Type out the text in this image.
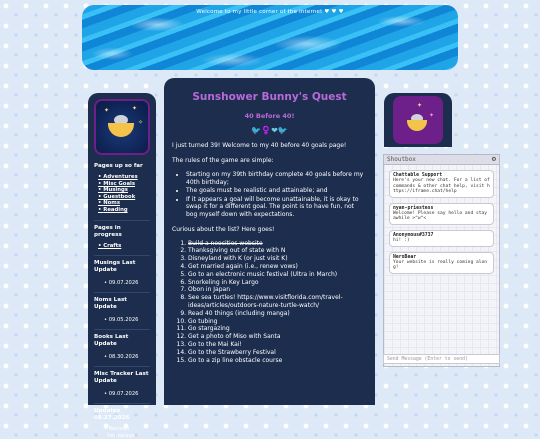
Welcome to my little corner of the internet ♥ ♥ ♥
✦	✦
✧
Pages up so far
• Adventures
• Misc Goals
• Musings
• Guestbook
• Noms
• Reading
Pages in progress
• Crafts
Musings Last Update
• 09.07.2026
Noms Last Update
• 09.05.2026
Books Last Update
• 08.30.2026
Misc Tracker Last Update
• 09.07.2026
Updates 08.27.2026
• Revised
homepage
Sunshower Bunny's Quest
40 Before 40!
🐦‍♀❤🐦

I just turned 39! Welcome to my 40 before 40 goals page!

The rules of the game are simple:

• Starting on my 39th birthday complete 40 goals before my 40th birthday;
• The goals must be realistic and attainable; and
• If it appears a goal will become unattainable, it is okay to swap it for a different goal. The point is to have fun, not bog myself down with expectations.

Curious about the list? Here goes!

1. Build a neocities website
2. Thanksgiving out of state with N
3. Disneyland with K (or just visit K)
4. Get married again (i.e., renew vows)
5. Go to an electronic music festival (Ultra in March)
6. Snorkeling in Key Largo
7. Obon in Japan
8. See sea turtles! https://www.visitflorida.com/travel-ideas/articles/outdoors-nature-turtle-watch/
9. Read 40 things (including manga)
10. Go tubing
11. Go stargazing
12. Get a photo of Miso with Santa
13. Go to the Mai Kai!
14. Go to the Strawberry Festival
15. Go to a zip line obstacle course
✦
✦
Shoutbox	⚙
Chattable Support
Here's your new chat. For a list of commands & other chat help, visit https://iframe.chat/help
nyan-priestess
Welcome! Please say hello and stay awhile >^w^<
Anonymous#3737
hi! :)
NeroBear
Your website is really coming along!
Send Message (Enter to send)
